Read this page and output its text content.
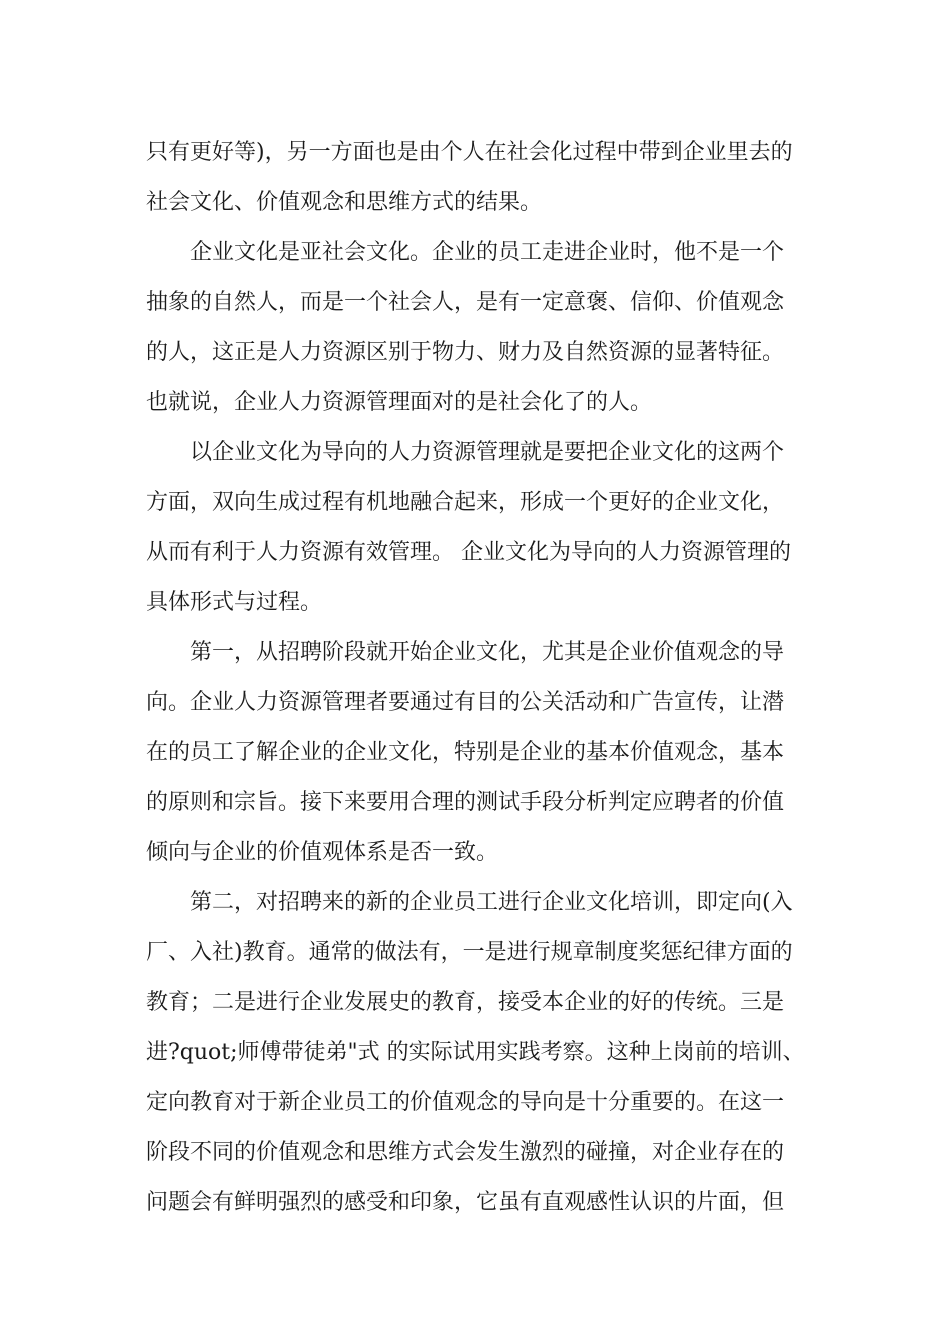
只有更好等)，另一方面也是由个人在社会化过程中带到企业里去的
社会文化、价值观念和思维方式的结果。
企业文化是亚社会文化。企业的员工走进企业时，他不是一个
抽象的自然人，而是一个社会人，是有一定意褒、信仰、价值观念
的人，这正是人力资源区别于物力、财力及自然资源的显著特征。
也就说，企业人力资源管理面对的是社会化了的人。
以企业文化为导向的人力资源管理就是要把企业文化的这两个
方面，双向生成过程有机地融合起来，形成一个更好的企业文化，
从而有利于人力资源有效管理。 企业文化为导向的人力资源管理的
具体形式与过程。
第一，从招聘阶段就开始企业文化，尤其是企业价值观念的导
向。企业人力资源管理者要通过有目的公关活动和广告宣传，让潜
在的员工了解企业的企业文化，特别是企业的基本价值观念，基本
的原则和宗旨。接下来要用合理的测试手段分析判定应聘者的价值
倾向与企业的价值观体系是否一致。
第二，对招聘来的新的企业员工进行企业文化培训，即定向(入
厂、入社)教育。通常的做法有，一是进行规章制度奖惩纪律方面的
教育；二是进行企业发展史的教育，接受本企业的好的传统。三是
进?quot;师傅带徒弟"式 的实际试用实践考察。这种上岗前的培训、
定向教育对于新企业员工的价值观念的导向是十分重要的。在这一
阶段不同的价值观念和思维方式会发生激烈的碰撞，对企业存在的
问题会有鲜明强烈的感受和印象，它虽有直观感性认识的片面，但
